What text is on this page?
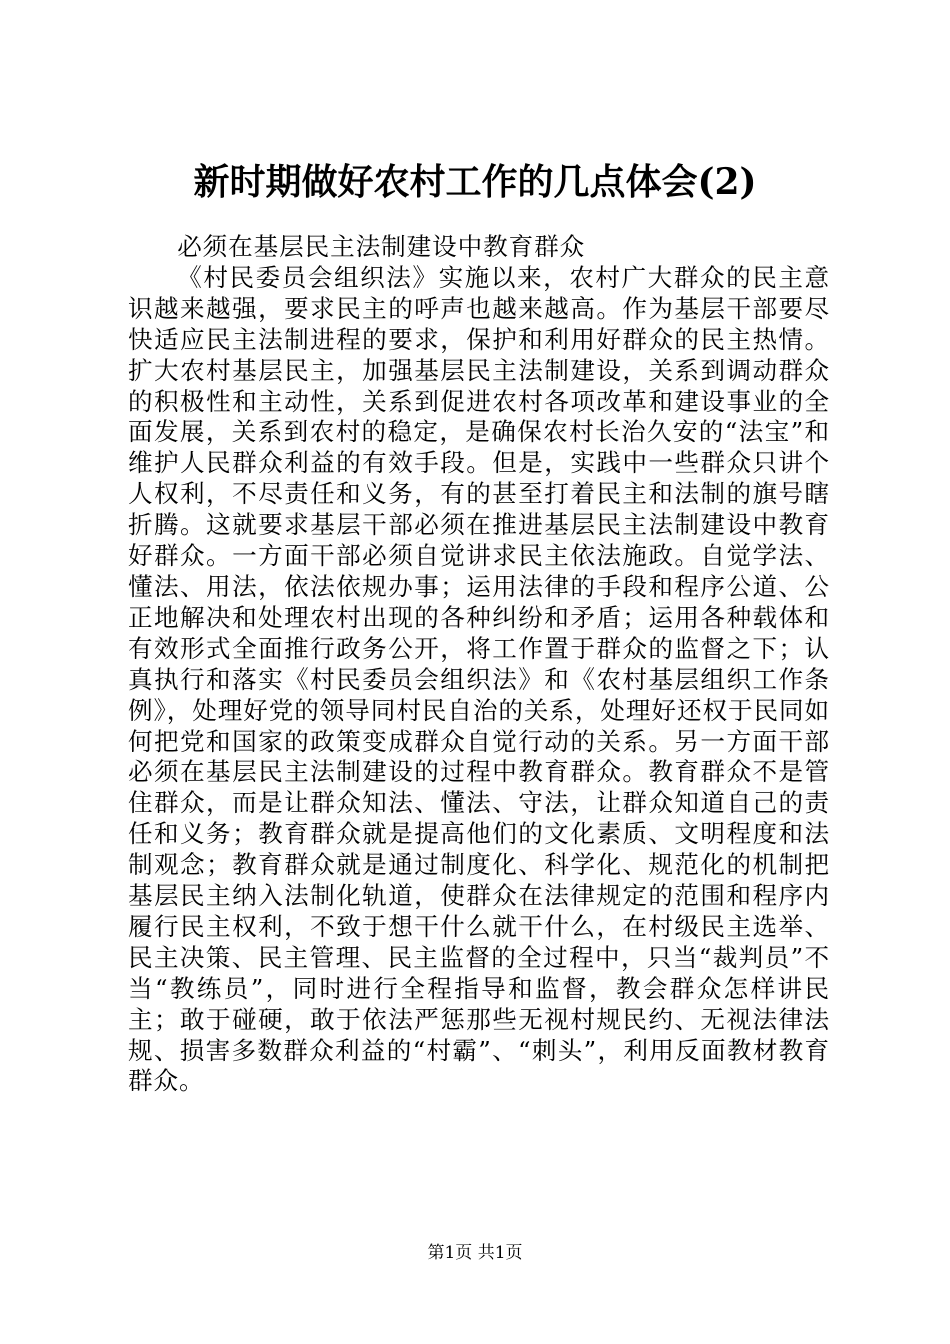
新时期做好农村工作的几点体会(2)

必须在基层民主法制建设中教育群众

《村民委员会组织法》实施以来，农村广大群众的民主意识越来越强，要求民主的呼声也越来越高。作为基层干部要尽快适应民主法制进程的要求，保护和利用好群众的民主热情。扩大农村基层民主，加强基层民主法制建设，关系到调动群众的积极性和主动性，关系到促进农村各项改革和建设事业的全面发展，关系到农村的稳定，是确保农村长治久安的“法宝”和维护人民群众利益的有效手段。但是，实践中一些群众只讲个人权利，不尽责任和义务，有的甚至打着民主和法制的旗号瞎折腾。这就要求基层干部必须在推进基层民主法制建设中教育好群众。一方面干部必须自觉讲求民主依法施政。自觉学法、懂法、用法，依法依规办事；运用法律的手段和程序公道、公正地解决和处理农村出现的各种纠纷和矛盾；运用各种载体和有效形式全面推行政务公开，将工作置于群众的监督之下；认真执行和落实《村民委员会组织法》和《农村基层组织工作条例》，处理好党的领导同村民自治的关系，处理好还权于民同如何把党和国家的政策变成群众自觉行动的关系。另一方面干部必须在基层民主法制建设的过程中教育群众。教育群众不是管住群众，而是让群众知法、懂法、守法，让群众知道自己的责任和义务；教育群众就是提高他们的文化素质、文明程度和法制观念；教育群众就是通过制度化、科学化、规范化的机制把基层民主纳入法制化轨道，使群众在法律规定的范围和程序内履行民主权利，不致于想干什么就干什么，在村级民主选举、民主决策、民主管理、民主监督的全过程中，只当“裁判员”不当“教练员”，同时进行全程指导和监督，教会群众怎样讲民主；敢于碰硬，敢于依法严惩那些无视村规民约、无视法律法规、损害多数群众利益的“村霸”、“刺头”，利用反面教材教育群众。

第1页 共1页
